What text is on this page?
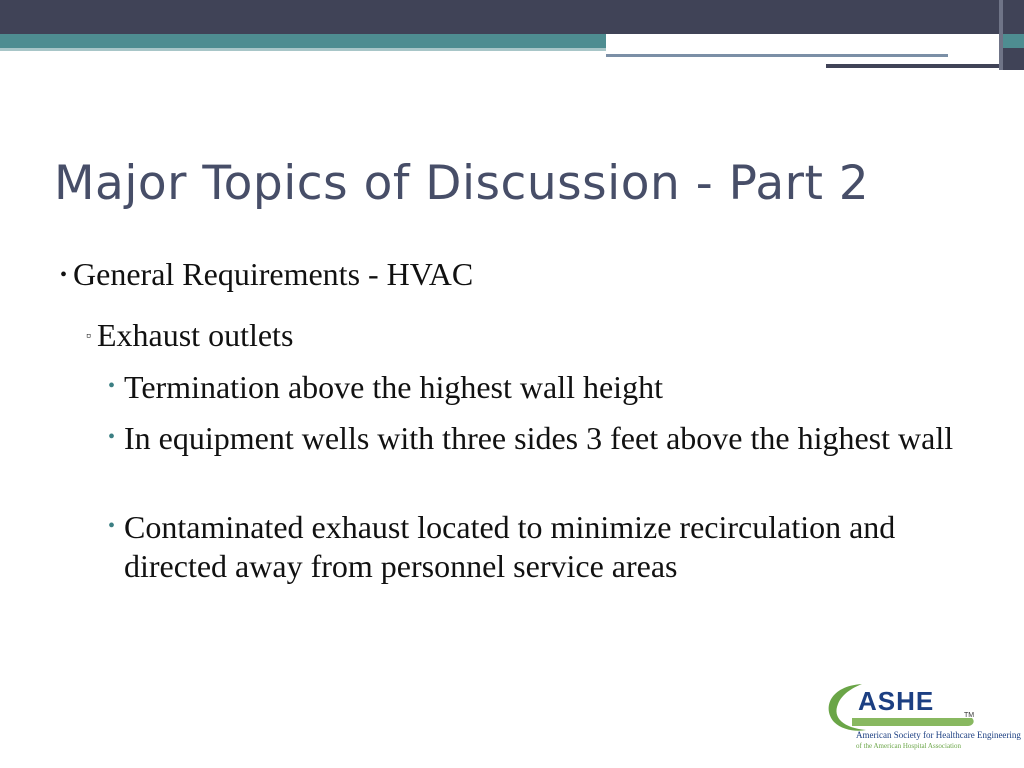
Major Topics of Discussion - Part 2
• General Requirements - HVAC
▫ Exhaust outlets
• Termination above the highest wall height
• In equipment wells with three sides 3 feet above the highest wall
• Contaminated exhaust located to minimize recirculation and directed away from personnel service areas
ASHE	TM
American Society for Healthcare Engineering
of the American Hospital Association
